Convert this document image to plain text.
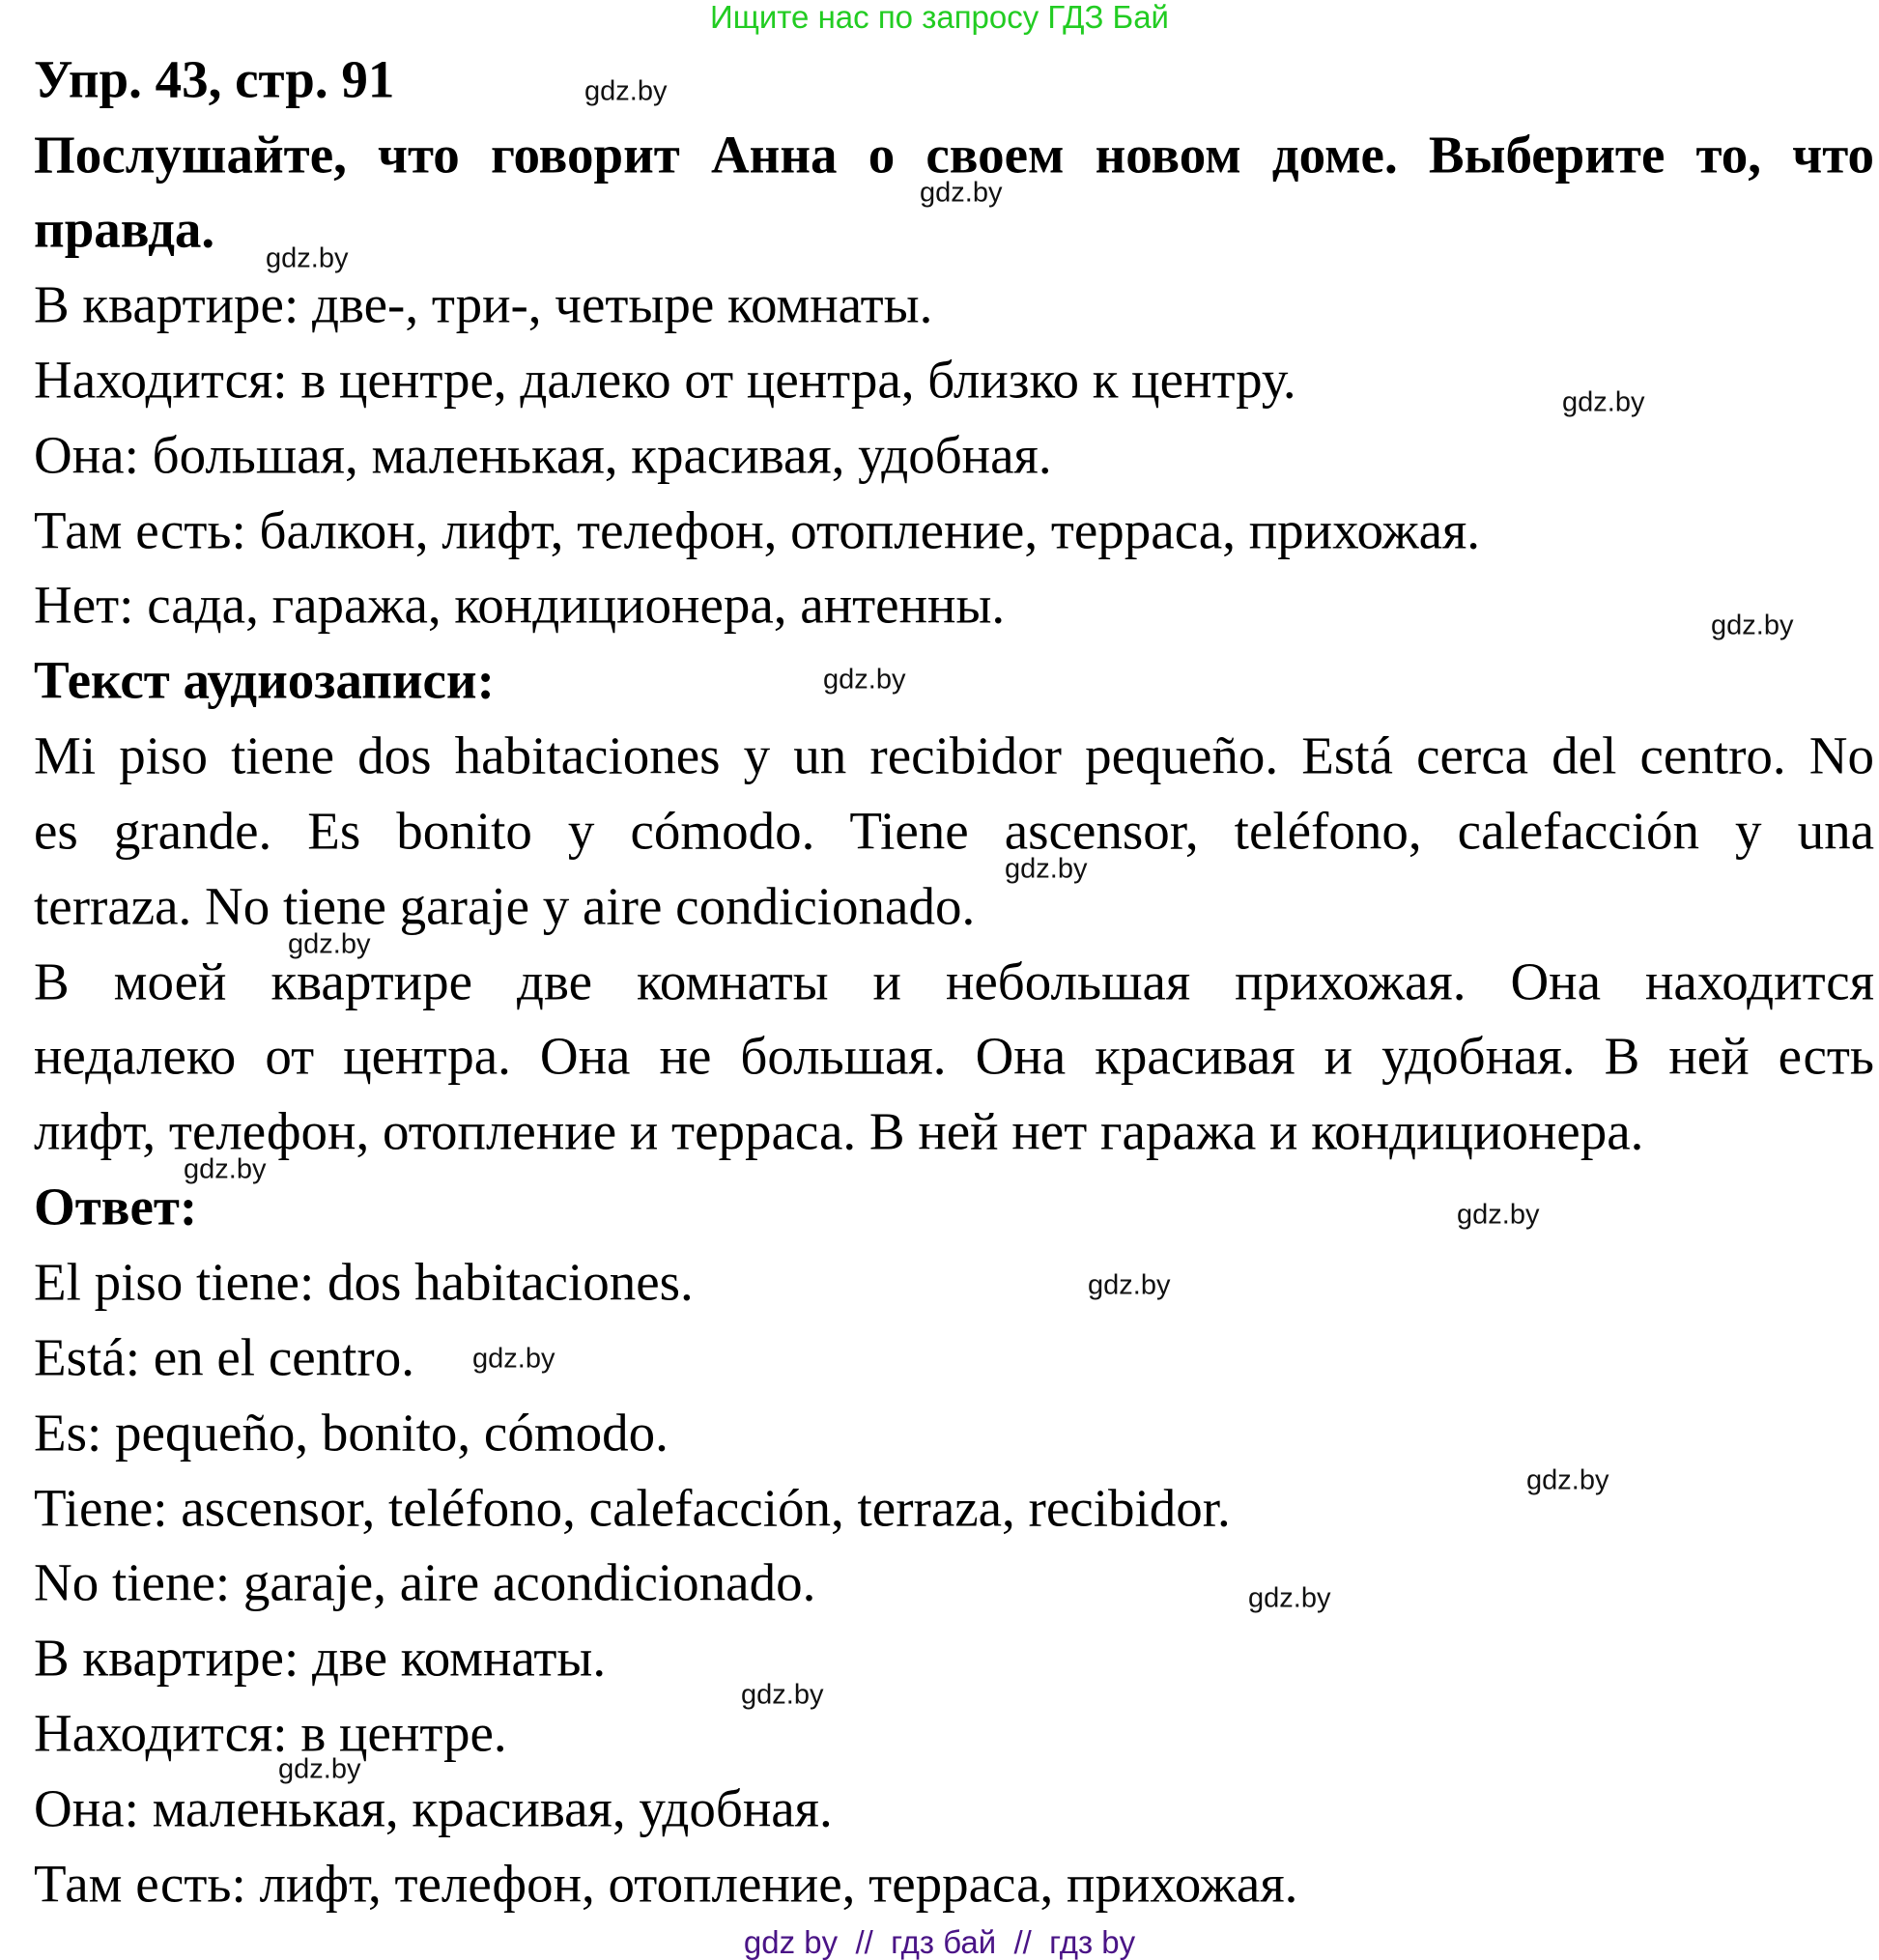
Ищите нас по запросу ГДЗ Бай
Упр. 43, стр. 91
Послушайте, что говорит Анна о своем новом доме. Выберите то, что
правда.
В квартире: две-, три-, четыре комнаты.
Находится: в центре, далеко от центра, близко к центру.
Она: большая, маленькая, красивая, удобная.
Там есть: балкон, лифт, телефон, отопление, терраса, прихожая.
Нет: сада, гаража, кондиционера, антенны.
Текст аудиозаписи:
Mi piso tiene dos habitaciones y un recibidor pequeño. Está cerca del centro. No
es grande. Es bonito y cómodo. Tiene ascensor, teléfono, calefacción y una
terraza. No tiene garaje y aire condicionado.
В моей квартире две комнаты и небольшая прихожая. Она находится
недалеко от центра. Она не большая. Она красивая и удобная. В ней есть
лифт, телефон, отопление и терраса. В ней нет гаража и кондиционера.
Ответ:
El piso tiene: dos habitaciones.
Está: en el centro.
Es: pequeño, bonito, cómodo.
Tiene: ascensor, teléfono, calefacción, terraza, recibidor.
No tiene: garaje, aire acondicionado.
В квартире: две комнаты.
Находится: в центре.
Она: маленькая, красивая, удобная.
Там есть: лифт, телефон, отопление, терраса, прихожая.
gdz.by
gdz.by
gdz.by
gdz.by
gdz.by
gdz.by
gdz.by
gdz.by
gdz.by
gdz.by
gdz.by
gdz.by
gdz.by
gdz.by
gdz.by
gdz.by
gdz by  //  гдз бай  //  гдз by
